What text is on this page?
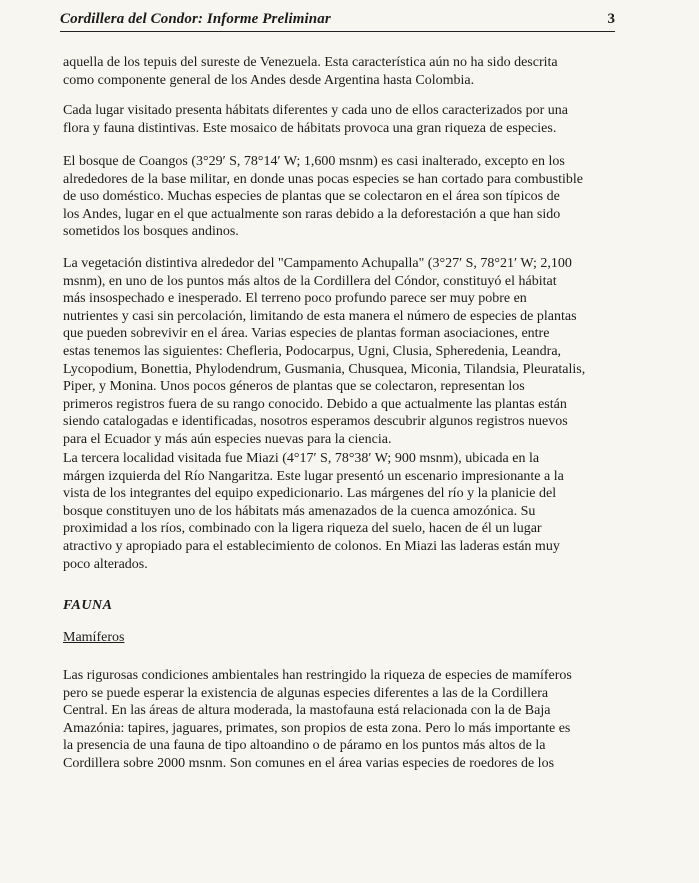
Cordillera del Condor: Informe Preliminar	3
aquella de los tepuis del sureste de Venezuela. Esta característica aún no ha sido descrita
como componente general de los Andes desde Argentina hasta Colombia.
Cada lugar visitado presenta hábitats diferentes y cada uno de ellos caracterizados por una
flora y fauna distintivas. Este mosaico de hábitats provoca una gran riqueza de especies.
El bosque de Coangos (3°29′ S, 78°14′ W; 1,600 msnm) es casi inalterado, excepto en los
alrededores de la base militar, en donde unas pocas especies se han cortado para combustible
de uso doméstico. Muchas especies de plantas que se colectaron en el área son típicos de
los Andes, lugar en el que actualmente son raras debido a la deforestación a que han sido
sometidos los bosques andinos.
La vegetación distintiva alrededor del "Campamento Achupalla" (3°27′ S, 78°21′ W; 2,100
msnm), en uno de los puntos más altos de la Cordillera del Cóndor, constituyó el hábitat
más insospechado e inesperado. El terreno poco profundo parece ser muy pobre en
nutrientes y casi sin percolación, limitando de esta manera el número de especies de plantas
que pueden sobrevivir en el área. Varias especies de plantas forman asociaciones, entre
estas tenemos las siguientes: Chefleria, Podocarpus, Ugni, Clusia, Spheredenia, Leandra,
Lycopodium, Bonettia, Phylodendrum, Gusmania, Chusquea, Miconia, Tilandsia, Pleuratalis,
Piper, y Monina. Unos pocos géneros de plantas que se colectaron, representan los
primeros registros fuera de su rango conocido. Debido a que actualmente las plantas están
siendo catalogadas e identificadas, nosotros esperamos descubrir algunos registros nuevos
para el Ecuador y más aún especies nuevas para la ciencia.
La tercera localidad visitada fue Miazi (4°17′ S, 78°38′ W; 900 msnm), ubicada en la
márgen izquierda del Río Nangaritza. Este lugar presentó un escenario impresionante a la
vista de los integrantes del equipo expedicionario. Las márgenes del río y la planicie del
bosque constituyen uno de los hábitats más amenazados de la cuenca amozónica. Su
proximidad a los ríos, combinado con la ligera riqueza del suelo, hacen de él un lugar
atractivo y apropiado para el establecimiento de colonos. En Miazi las laderas están muy
poco alterados.
FAUNA
Mamíferos
Las rigurosas condiciones ambientales han restringido la riqueza de especies de mamíferos
pero se puede esperar la existencia de algunas especies diferentes a las de la Cordillera
Central. En las áreas de altura moderada, la mastofauna está relacionada con la de Baja
Amazónia: tapires, jaguares, primates, son propios de esta zona. Pero lo más importante es
la presencia de una fauna de tipo altoandino o de páramo en los puntos más altos de la
Cordillera sobre 2000 msnm. Son comunes en el área varias especies de roedores de los
